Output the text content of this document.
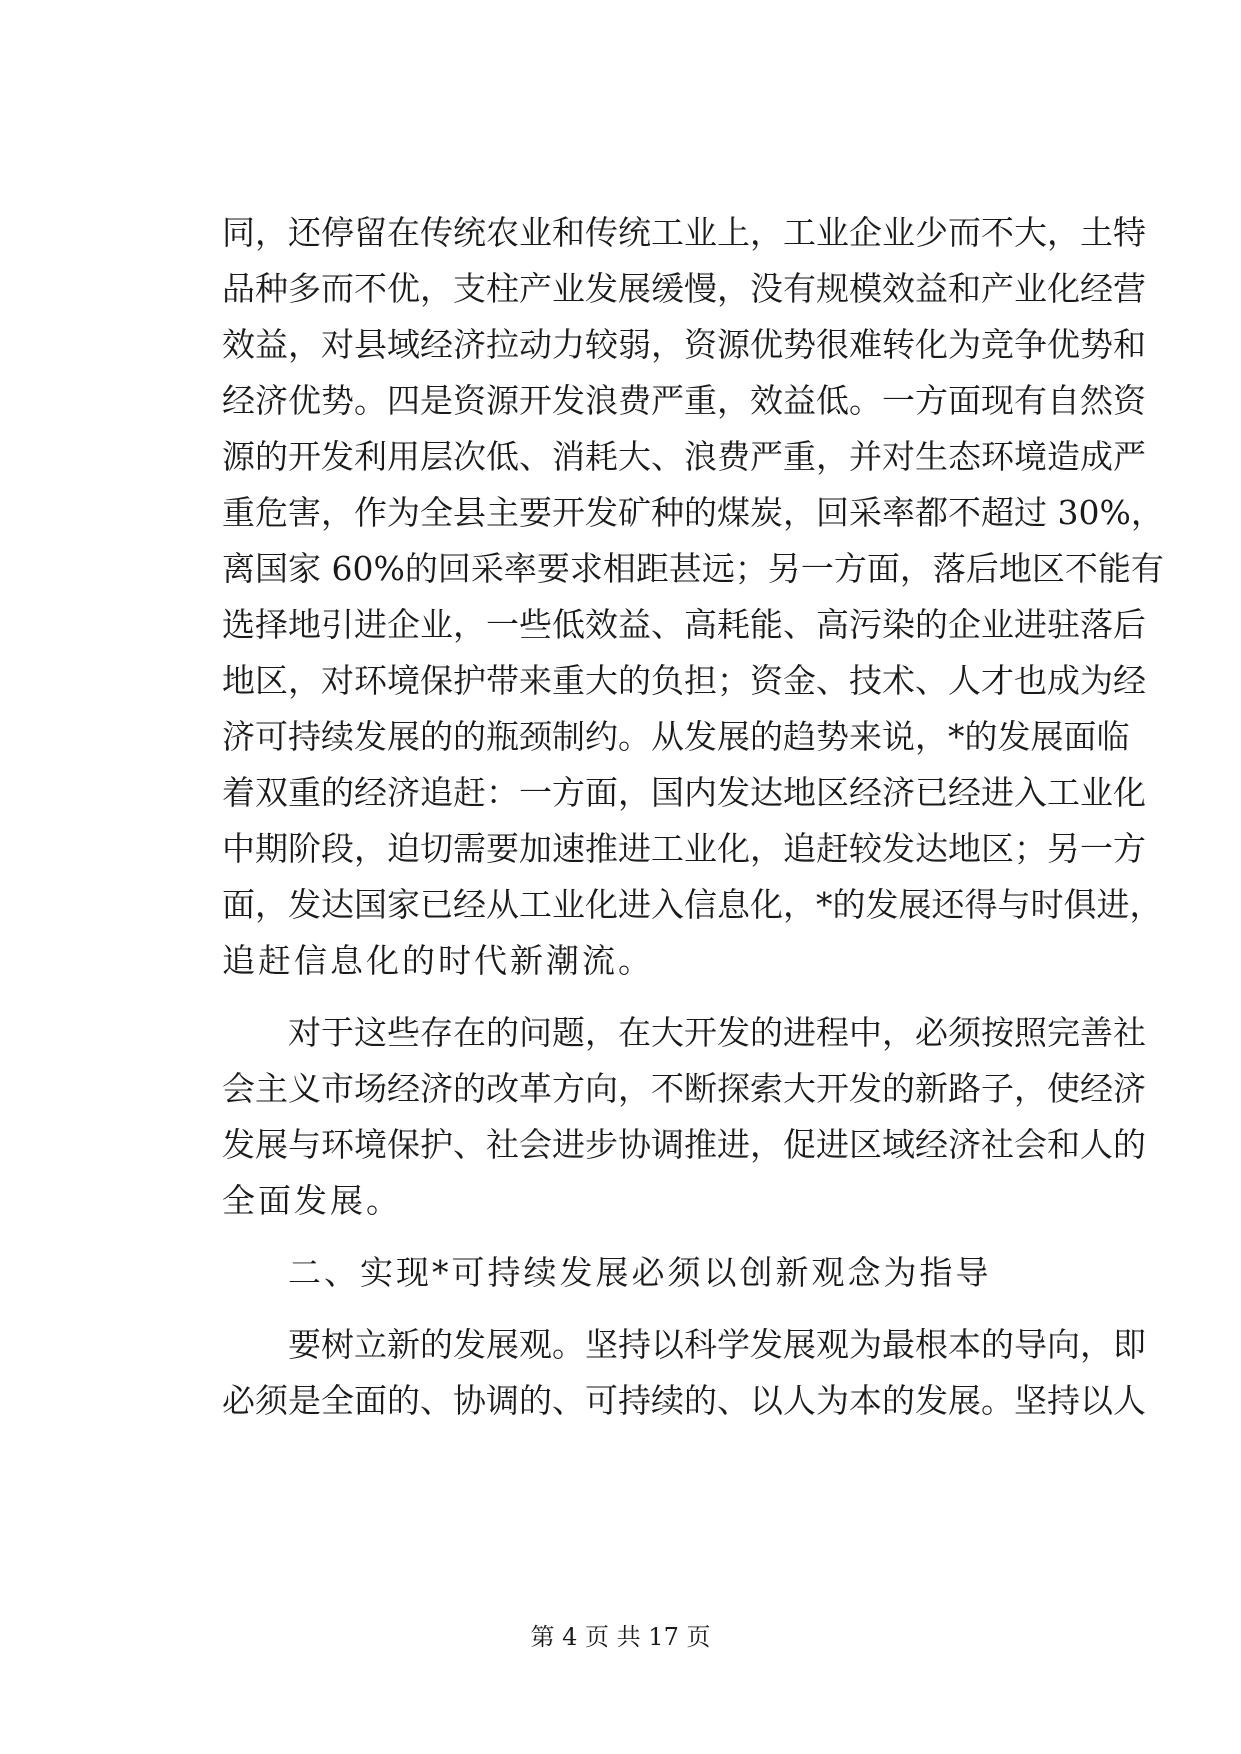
同，还停留在传统农业和传统工业上，工业企业少而不大，土特
品种多而不优，支柱产业发展缓慢，没有规模效益和产业化经营
效益，对县域经济拉动力较弱，资源优势很难转化为竞争优势和
经济优势。四是资源开发浪费严重，效益低。一方面现有自然资
源的开发利用层次低、消耗大、浪费严重，并对生态环境造成严
重危害，作为全县主要开发矿种的煤炭，回采率都不超过 30%，
离国家 60%的回采率要求相距甚远；另一方面，落后地区不能有
选择地引进企业，一些低效益、高耗能、高污染的企业进驻落后
地区，对环境保护带来重大的负担；资金、技术、人才也成为经
济可持续发展的的瓶颈制约。从发展的趋势来说，*的发展面临
着双重的经济追赶：一方面，国内发达地区经济已经进入工业化
中期阶段，迫切需要加速推进工业化，追赶较发达地区；另一方
面，发达国家已经从工业化进入信息化，*的发展还得与时俱进，
追赶信息化的时代新潮流。
对于这些存在的问题，在大开发的进程中，必须按照完善社
会主义市场经济的改革方向，不断探索大开发的新路子，使经济
发展与环境保护、社会进步协调推进，促进区域经济社会和人的
全面发展。
二、实现*可持续发展必须以创新观念为指导
要树立新的发展观。坚持以科学发展观为最根本的导向，即
必须是全面的、协调的、可持续的、以人为本的发展。坚持以人
第 4 页 共 17 页
